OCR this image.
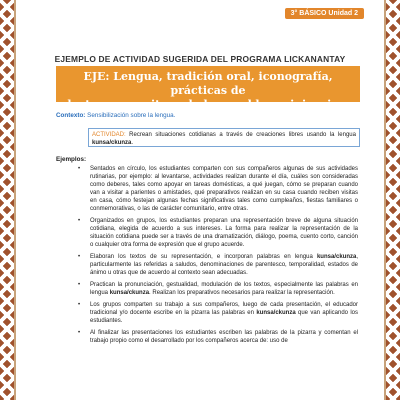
3° BÁSICO Unidad 2
EJEMPLO DE ACTIVIDAD SUGERIDA DEL PROGRAMA LICKANANTAY
EJE: Lengua, tradición oral, iconografía, prácticas de
lectura y escritura de los pueblos originarios.
Contexto: Sensibilización sobre la lengua.
ACTIVIDAD: Recrean situaciones cotidianas a través de creaciones libres usando la lengua kunsa/ckunza.
Ejemplos:
• Sentados en círculo, los estudiantes comparten con sus compañeros algunas de sus actividades rutinarias, por ejemplo: al levantarse, actividades realizan durante el día, cuáles son consideradas como deberes, tales como apoyar en tareas domésticas, a qué juegan, cómo se preparan cuando van a visitar a parientes o amistades, qué preparativos realizan en su casa cuando reciben visitas en casa, cómo festejan algunas fechas significativas tales como cumpleaños, fiestas familiares o conmemorativas, o las de carácter comunitario, entre otras.
• Organizados en grupos, los estudiantes preparan una representación breve de alguna situación cotidiana, elegida de acuerdo a sus intereses. La forma para realizar la representación de la situación cotidiana puede ser a través de una dramatización, diálogo, poema, cuento corto, canción o cualquier otra forma de expresión que el grupo acuerde.
• Elaboran los textos de su representación, e incorporan palabras en lengua kunsa/ckunza, particularmente las referidas a saludos, denominaciones de parentesco, temporalidad, estados de ánimo u otras que de acuerdo al contexto sean adecuadas.
• Practican la pronunciación, gestualidad, modulación de los textos, especialmente las palabras en lengua kunsa/ckunza. Realizan los preparativos necesarios para realizar la representación.
• Los grupos comparten su trabajo a sus compañeros, luego de cada presentación, el educador tradicional y/o docente escribe en la pizarra las palabras en kunsa/ckunza que van aplicando los estudiantes.
• Al finalizar las presentaciones los estudiantes escriben las palabras de la pizarra y comentan el trabajo propio como el desarrollado por los compañeros acerca de: uso de
